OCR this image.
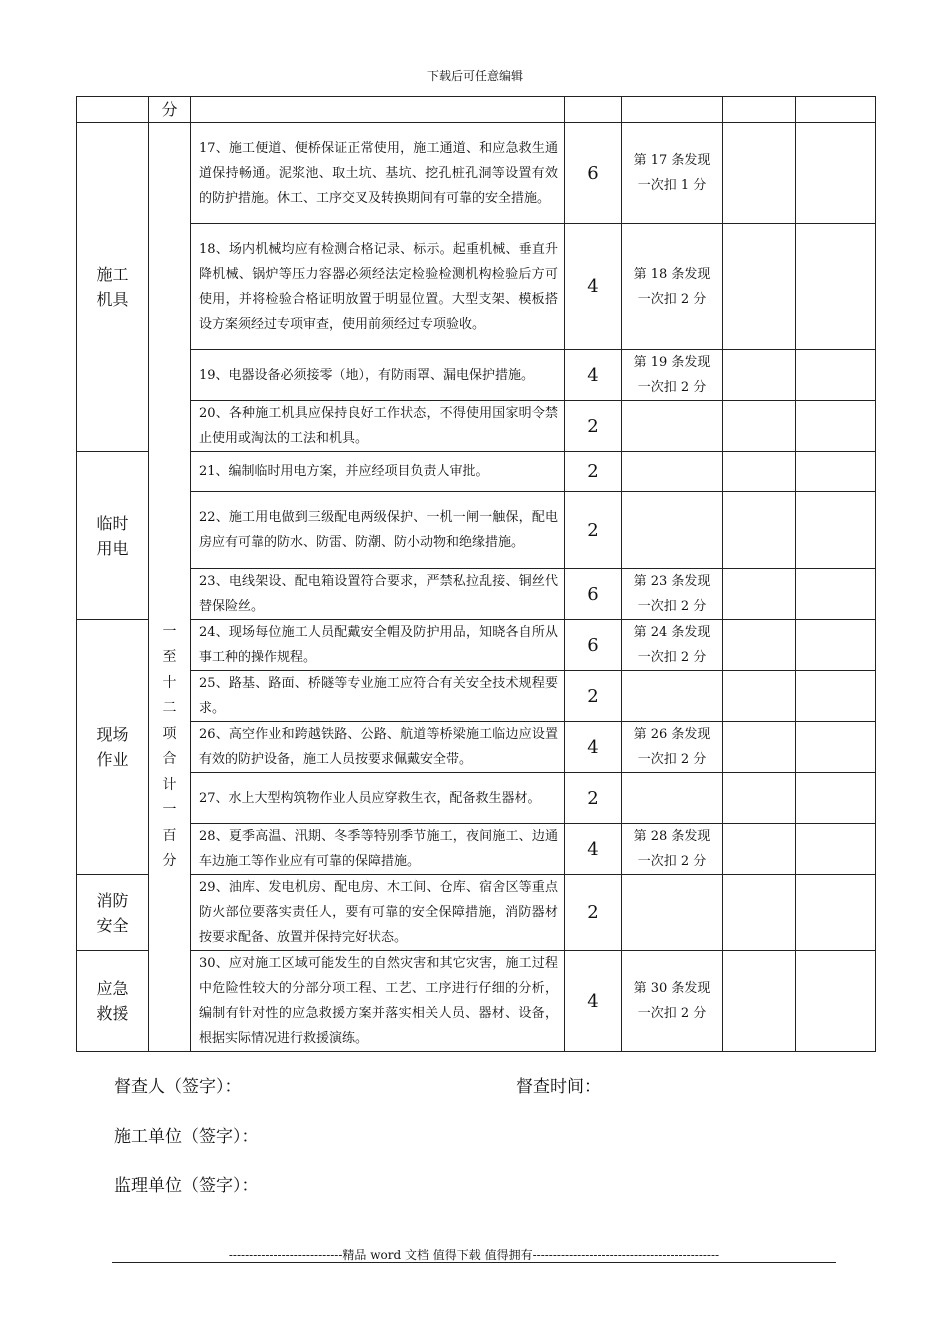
下载后可任意编辑
	分					
施工机具	一至十二项合计一百分	17、施工便道、便桥保证正常使用，施工通道、和应急救生通道保持畅通。泥浆池、取土坑、基坑、挖孔桩孔洞等设置有效的防护措施。休工、工序交叉及转换期间有可靠的安全措施。	6	第 17 条发现一次扣 1 分		
		18、场内机械均应有检测合格记录、标示。起重机械、垂直升降机械、锅炉等压力容器必须经法定检验检测机构检验后方可使用，并将检验合格证明放置于明显位置。大型支架、模板搭设方案须经过专项审查，使用前须经过专项验收。	4	第 18 条发现一次扣 2 分		
		19、电器设备必须接零（地），有防雨罩、漏电保护措施。	4	第 19 条发现一次扣 2 分		
		20、各种施工机具应保持良好工作状态，不得使用国家明令禁止使用或淘汰的工法和机具。	2			
临时用电		21、编制临时用电方案，并应经项目负责人审批。	2			
		22、施工用电做到三级配电两级保护、一机一闸一触保，配电房应有可靠的防水、防雷、防潮、防小动物和绝缘措施。	2			
		23、电线架设、配电箱设置符合要求，严禁私拉乱接、铜丝代替保险丝。	6	第 23 条发现一次扣 2 分		
现场作业		24、现场每位施工人员配戴安全帽及防护用品，知晓各自所从事工种的操作规程。	6	第 24 条发现一次扣 2 分		
		25、路基、路面、桥隧等专业施工应符合有关安全技术规程要求。	2			
		26、高空作业和跨越铁路、公路、航道等桥梁施工临边应设置有效的防护设备，施工人员按要求佩戴安全带。	4	第 26 条发现一次扣 2 分		
		27、水上大型构筑物作业人员应穿救生衣，配备救生器材。	2			
		28、夏季高温、汛期、冬季等特别季节施工，夜间施工、边通车边施工等作业应有可靠的保障措施。	4	第 28 条发现一次扣 2 分		
消防安全		29、油库、发电机房、配电房、木工间、仓库、宿舍区等重点防火部位要落实责任人，要有可靠的安全保障措施，消防器材按要求配备、放置并保持完好状态。	2			
应急救援		30、应对施工区域可能发生的自然灾害和其它灾害，施工过程中危险性较大的分部分项工程、工艺、工序进行仔细的分析，编制有针对性的应急救援方案并落实相关人员、器材、设备，根据实际情况进行救援演练。	4	第 30 条发现一次扣 2 分		
督查人（签字）：	督查时间：
施工单位（签字）：
监理单位（签字）：
----------------------------精品 word 文档 值得下载 值得拥有----------------------------------------------
